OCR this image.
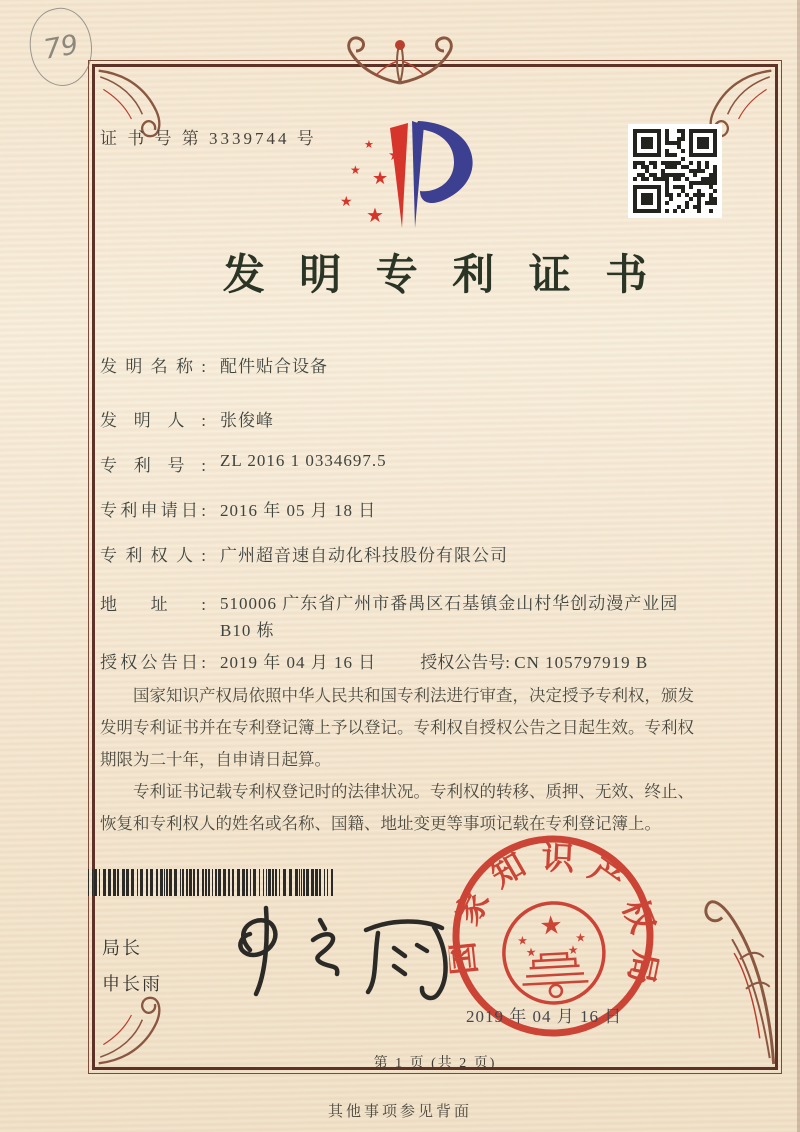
79
证 书 号 第 3339744 号
★
★
★ ★
★
★
发 明 专 利 证 书
发明名称: 配件贴合设备
发明人: 张俊峰
专利号: ZL 2016 1 0334697.5
专利申请日: 2016 年 05 月 18 日
专利权人: 广州超音速自动化科技股份有限公司
地址: 510006 广东省广州市番禺区石基镇金山村华创动漫产业园 B10 栋
授权公告日: 2019 年 04 月 16 日	授权公告号: CN 105797919 B

国家知识产权局依照中华人民共和国专利法进行审查，决定授予专利权，颁发发明专利证书并在专利登记簿上予以登记。专利权自授权公告之日起生效。专利权期限为二十年，自申请日起算。

专利证书记载专利权登记时的法律状况。专利权的转移、质押、无效、终止、恢复和专利权人的姓名或名称、国籍、地址变更等事项记载在专利登记簿上。

局长
申长雨
国家知识产权局
★
★	★
★	★
2019 年 04 月 16 日
第 1 页 (共 2 页)
其他事项参见背面
